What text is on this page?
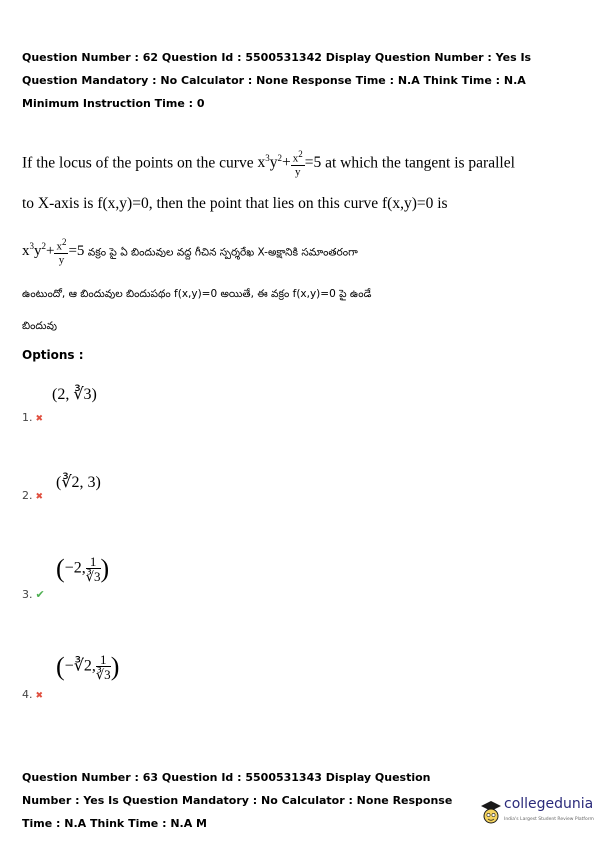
Question Number : 62 Question Id : 5500531342 Display Question Number : Yes Is Question Mandatory : No Calculator : None Response Time : N.A Think Time : N.A Minimum Instruction Time : 0
If the locus of the points on the curve $x^3y^2+ \frac{x^2}{y} =5$ at which the tangent is parallel
to X-axis is f(x,y)=0, then the point that lies on this curve f(x,y)=0 is
$x^3y^2+ \frac{x^2}{y} =5$ వక్రం పై ఏ బిందువుల వద్ద గీచిన స్పర్శరేఖ X-అక్షానికి సమాంతరంగా
ఉంటుందో, ఆ బిందువుల బిందుపథం f(x,y)=0 అయితే, ఈ వక్రం f(x,y)=0 పై ఉండే
బిందువు
Options :
(2, ∛3)
1. ✖
(∛2, 3)
2. ✖
(−2, $\frac{1}{∛3}$ )
3. ✔
(−∛2, $\frac{1}{∛3}$ )
4. ✖
Question Number : 63 Question Id : 5500531343 Display Question Number : Yes Is Question Mandatory : No Calculator : None Response Time : N.A Think Time : N.A M
collegedunia
India's Largest Student Review Platform
